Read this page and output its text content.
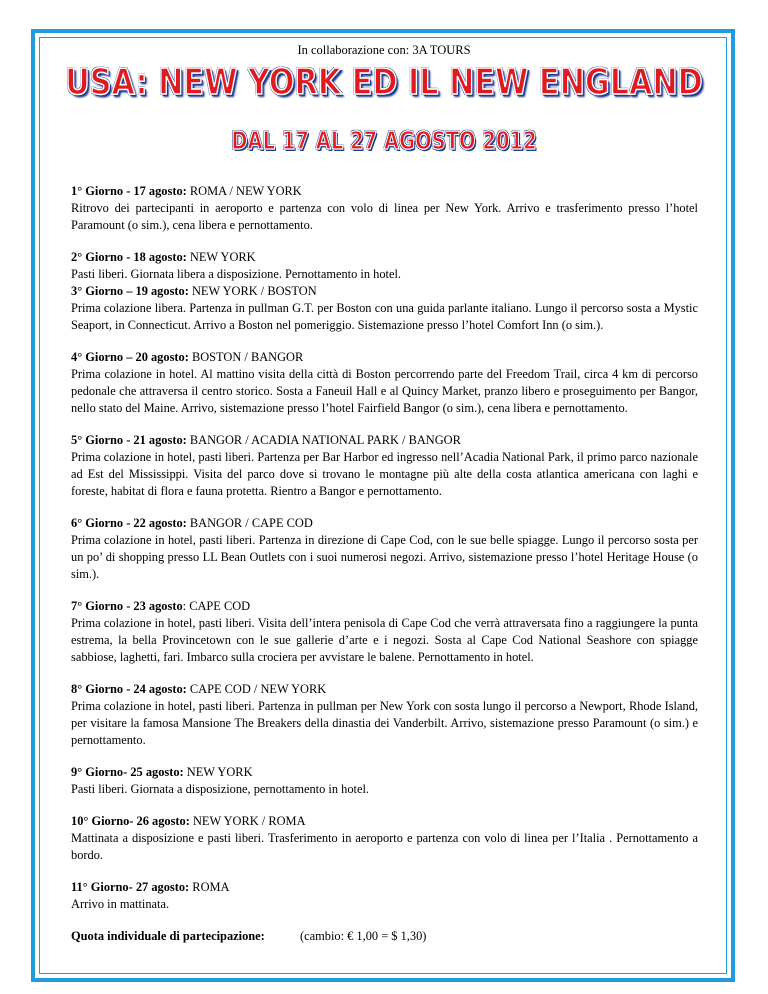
In collaborazione con: 3A TOURS
USA: NEW YORK ED IL NEW ENGLAND
DAL 17 AL 27 AGOSTO 2012

1° Giorno - 17 agosto: ROMA / NEW YORK

Ritrovo dei partecipanti in aeroporto e partenza con volo di linea per New York. Arrivo e trasferimento presso l’hotel Paramount (o sim.), cena libera e pernottamento.

2° Giorno - 18 agosto: NEW YORK

Pasti liberi. Giornata libera a disposizione. Pernottamento in hotel.

3° Giorno – 19 agosto: NEW YORK / BOSTON

Prima colazione libera. Partenza in pullman G.T. per Boston con una guida parlante italiano. Lungo il percorso sosta a Mystic Seaport, in Connecticut. Arrivo a Boston nel pomeriggio. Sistemazione presso l’hotel Comfort Inn (o sim.).

4° Giorno – 20 agosto: BOSTON / BANGOR

Prima colazione in hotel. Al mattino visita della città di Boston percorrendo parte del Freedom Trail, circa 4 km di percorso pedonale che attraversa il centro storico. Sosta a Faneuil Hall e al Quincy Market, pranzo libero e proseguimento per Bangor, nello stato del Maine. Arrivo, sistemazione presso l’hotel Fairfield Bangor (o sim.), cena libera e pernottamento.

5° Giorno - 21 agosto: BANGOR / ACADIA NATIONAL PARK / BANGOR

Prima colazione in hotel, pasti liberi. Partenza per Bar Harbor ed ingresso nell’Acadia National Park, il primo parco nazionale ad Est del Mississippi. Visita del parco dove si trovano le montagne più alte della costa atlantica americana con laghi e foreste, habitat di flora e fauna protetta. Rientro a Bangor e pernottamento.

6° Giorno - 22 agosto: BANGOR / CAPE COD

Prima colazione in hotel, pasti liberi. Partenza in direzione di Cape Cod, con le sue belle spiagge. Lungo il percorso sosta per un po’ di shopping presso LL Bean Outlets con i suoi numerosi negozi. Arrivo, sistemazione presso l’hotel Heritage House (o sim.).

7° Giorno - 23 agosto: CAPE COD

Prima colazione in hotel, pasti liberi. Visita dell’intera penisola di Cape Cod che verrà attraversata fino a raggiungere la punta estrema, la bella Provincetown con le sue gallerie d’arte e i negozi. Sosta al Cape Cod National Seashore con spiagge sabbiose, laghetti, fari. Imbarco sulla crociera per avvistare le balene. Pernottamento in hotel.

8° Giorno - 24 agosto: CAPE COD / NEW YORK

Prima colazione in hotel, pasti liberi. Partenza in pullman per New York con sosta lungo il percorso a Newport, Rhode Island, per visitare la famosa Mansione The Breakers della dinastia dei Vanderbilt. Arrivo, sistemazione presso Paramount (o sim.) e pernottamento.

9° Giorno- 25 agosto: NEW YORK

Pasti liberi. Giornata a disposizione, pernottamento in hotel.

10° Giorno- 26 agosto: NEW YORK / ROMA

Mattinata a disposizione e pasti liberi. Trasferimento in aeroporto e partenza con volo di linea per l’Italia . Pernottamento a bordo.

11° Giorno- 27 agosto: ROMA

Arrivo in mattinata.

Quota individuale di partecipazione:	(cambio: € 1,00 = $ 1,30)
